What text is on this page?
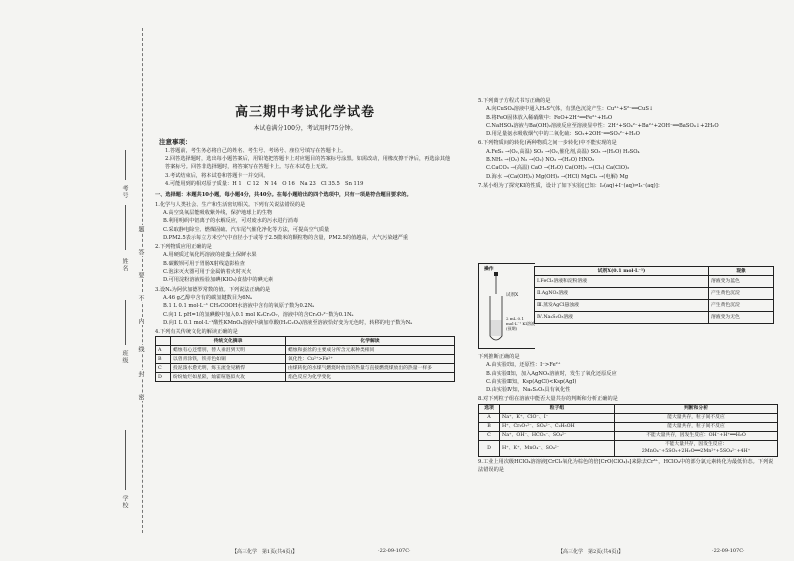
考号
姓名
班级
学校
题
答
要
不
内
线
封
密
高三期中考试化学试卷
本试卷满分100分，考试用时75分钟。
注意事项：
1.答题前，考生务必将自己的姓名、考生号、考场号、座位号填写在答题卡上。
2.回答选择题时，选出每小题答案后，用铅笔把答题卡上对应题目的答案标号涂黑。如需改动，用橡皮擦干净后，再选涂其他答案标号。回答非选择题时，将答案写在答题卡上。写在本试卷上无效。
3.考试结束后，将本试卷和答题卡一并交回。
4.可能用到的相对原子质量：H 1　C 12　N 14　O 16　Na 23　Cl 35.5　Sn 119
一、选择题：本题共10小题，每小题4分，共40分。在每小题给出的四个选项中，只有一项是符合题目要求的。
1.化学与人类社会、生产和生活密切相关。下列有关说法错误的是
A.高空臭氧层能吸收紫外线，保护地球上的生物
B.利用明矾中铝离子的水解反应，可对废水的污水进行消毒
C.采取静电除尘、燃煤固硫、汽车尾气催化净化等方法，可提高空气质量
D.PM2.5表示每立方米空气中直径小于或等于2.5微米的颗粒物的含量，PM2.5的值越高，大气污染越严重
2.下列物质应用正确的是
A.用硬质过氧化钙溶液的硅藻土保鲜水果
B.碳酸钡可用于胃肠X射线造影检查
C.泡沫灭火器可用于金属钠着火时灭火
D.可用淀粉溶液检验加碘(KIO₃)食盐中的碘元素
3.设Nₐ为阿伏加德罗常数的值。下列说法正确的是
A.46 g乙醇中含有的碳氢键数目为6Nₐ
B.1 L 0.1 mol·L⁻¹ CH₃COOH水溶液中含有的氧原子数为0.2Nₐ
C.向1 L pH=1的氢碘酸中加入0.1 mol K₂Cr₂O₇，溶液中的含Cr₂O₇²⁻数为0.1Nₐ
D.向1 L 0.1 mol·L⁻¹酸性KMnO₄溶液中滴加草酸(H₂C₂O₄)溶液至溶液恰好变为无色时，转移的电子数为Nₐ
4.下列有关传统文化的解读正确的是
	传统文化摘录	化学解读
A	蜡烛有心还惜别，替人垂泪到天明	蜡烛和蚕丝的主要成分所含元素种类相同
B	以曾青涂铁，铁赤色如铜	氧化性：Cu²⁺>Fe²⁺
C	投泥泼水愈光明，烁玉流金见精悍	由煤转化的水煤气燃烧时放出的热量与直接燃烧煤放出的热量一样多
D	纷纷灿烂如星陨，灿霍喧豗似火攻	焰色反应为化学变化
【高三化学　第1页(共4页)】	·22-09-107C·
5.下列离子方程式书写正确的是
A.向CuSO₄溶液中通入H₂S气体，有黑色沉淀产生：Cu²⁺+S²⁻══CuS↓
B.将FeO固体放入稀硝酸中：FeO+2H⁺══Fe²⁺+H₂O
C.NaHSO₄溶液与Ba(OH)₂溶液反应至溶液显中性：2H⁺+SO₄²⁻+Ba²⁺+2OH⁻══BaSO₄↓+2H₂O
D.用足量氨水吸收烟气中的二氧化硫：SO₂+2OH⁻══SO₃²⁻+H₂O
6.下列物质间的转化(两种物质之间一步转化)中不能实现的是
A.FeS₂ →(O₂,高温) SO₂ →(O₂,催化剂,高温) SO₃ →(H₂O) H₂SO₄
B.NH₃ →(O₂) N₂ →(O₂) NO₂ →(H₂O) HNO₃
C.CaCO₃ →(高温) CaO →(H₂O) Ca(OH)₂ →(Cl₂) Ca(ClO)₂
D.海水 →(Ca(OH)₂) Mg(OH)₂ →(HCl) MgCl₂ →(电解) Mg
7.某小组为了探究KI的性质，设计了如下实验[已知：I₂(aq)+I⁻(aq)⇌I₃⁻(aq)]：
试剂X
2 mL 0.1 mol·L⁻¹ KI溶液(预期)
试剂X(0.1 mol·L⁻¹)	现象
Ⅰ.FeCl₃溶液和淀粉溶液	溶液变为蓝色
Ⅱ.AgNO₃溶液	产生黄色沉淀
Ⅲ.蒸发AgCl悬浊液	产生黄色沉淀
Ⅳ.Na₂S₂O₃溶液	溶液变为无色
操作
下列推断正确的是
A.由实验Ⅰ知，还原性：I⁻>Fe²⁺
B.由实验Ⅱ知，加入AgNO₃溶液时，发生了氧化还原反应
C.由实验Ⅲ知，Ksp(AgCl)<Ksp(AgI)
D.由实验Ⅳ知，Na₂S₂O₃具有氧化性
8.对下列粒子组在溶液中能否大量共存的判断和分析正确的是
选项	粒子组	判断和分析
A	Na⁺、K⁺、ClO⁻、I⁻	能大量共存，粒子间不反应
B	H⁺、Cr₂O₇²⁻、SO₄²⁻、C₂H₅OH	能大量共存，粒子间不反应
C	Na⁺、OH⁻、HCO₃⁻、SO₄²⁻	不能大量共存，因发生反应：OH⁻+H⁺══H₂O
D	H⁺、K⁺、MnO₄⁻、SO₄²⁻	不能大量共存，因发生反应：2MnO₄⁻+5SO₂+2H₂O══2Mn²⁺+5SO₄²⁻+4H⁺
9.工业上用次级HClO₄溶溶液[CrCl₃氧化为棕色的倍[CrO(ClO₄)₂]来除去Cr³⁺，HClO₄中的部分氯元素转化为最低价态。下列说法错误的是
【高三化学　第2页(共4页)】	·22-09-107C·
